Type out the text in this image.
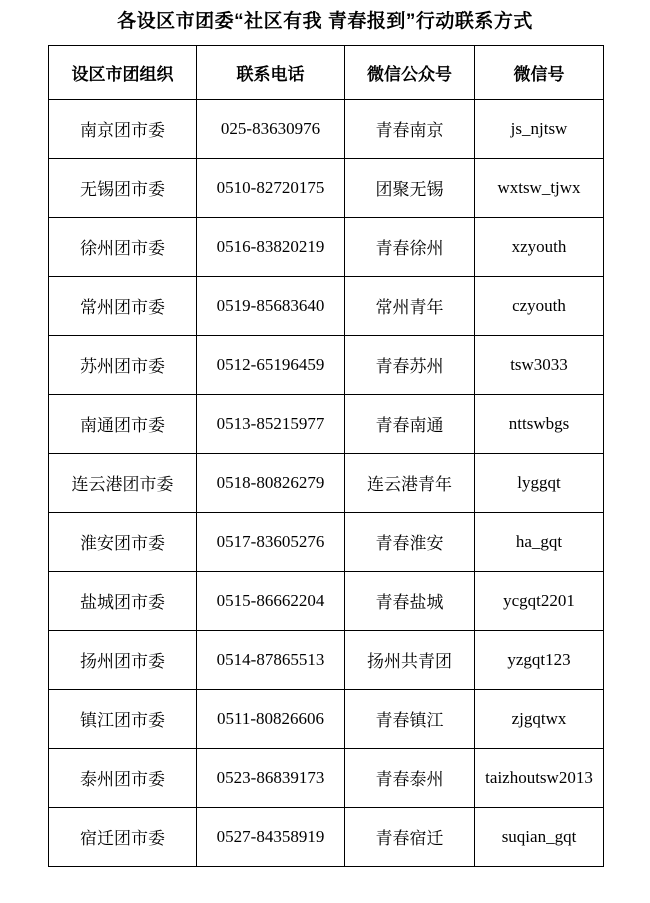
各设区市团委“社区有我 青春报到”行动联系方式
设区市团组织	联系电话	微信公众号	微信号
南京团市委	025-83630976	青春南京	js_njtsw
无锡团市委	0510-82720175	团聚无锡	wxtsw_tjwx
徐州团市委	0516-83820219	青春徐州	xzyouth
常州团市委	0519-85683640	常州青年	czyouth
苏州团市委	0512-65196459	青春苏州	tsw3033
南通团市委	0513-85215977	青春南通	nttswbgs
连云港团市委	0518-80826279	连云港青年	lyggqt
淮安团市委	0517-83605276	青春淮安	ha_gqt
盐城团市委	0515-86662204	青春盐城	ycgqt2201
扬州团市委	0514-87865513	扬州共青团	yzgqt123
镇江团市委	0511-80826606	青春镇江	zjgqtwx
泰州团市委	0523-86839173	青春泰州	taizhoutsw2013
宿迁团市委	0527-84358919	青春宿迁	suqian_gqt
